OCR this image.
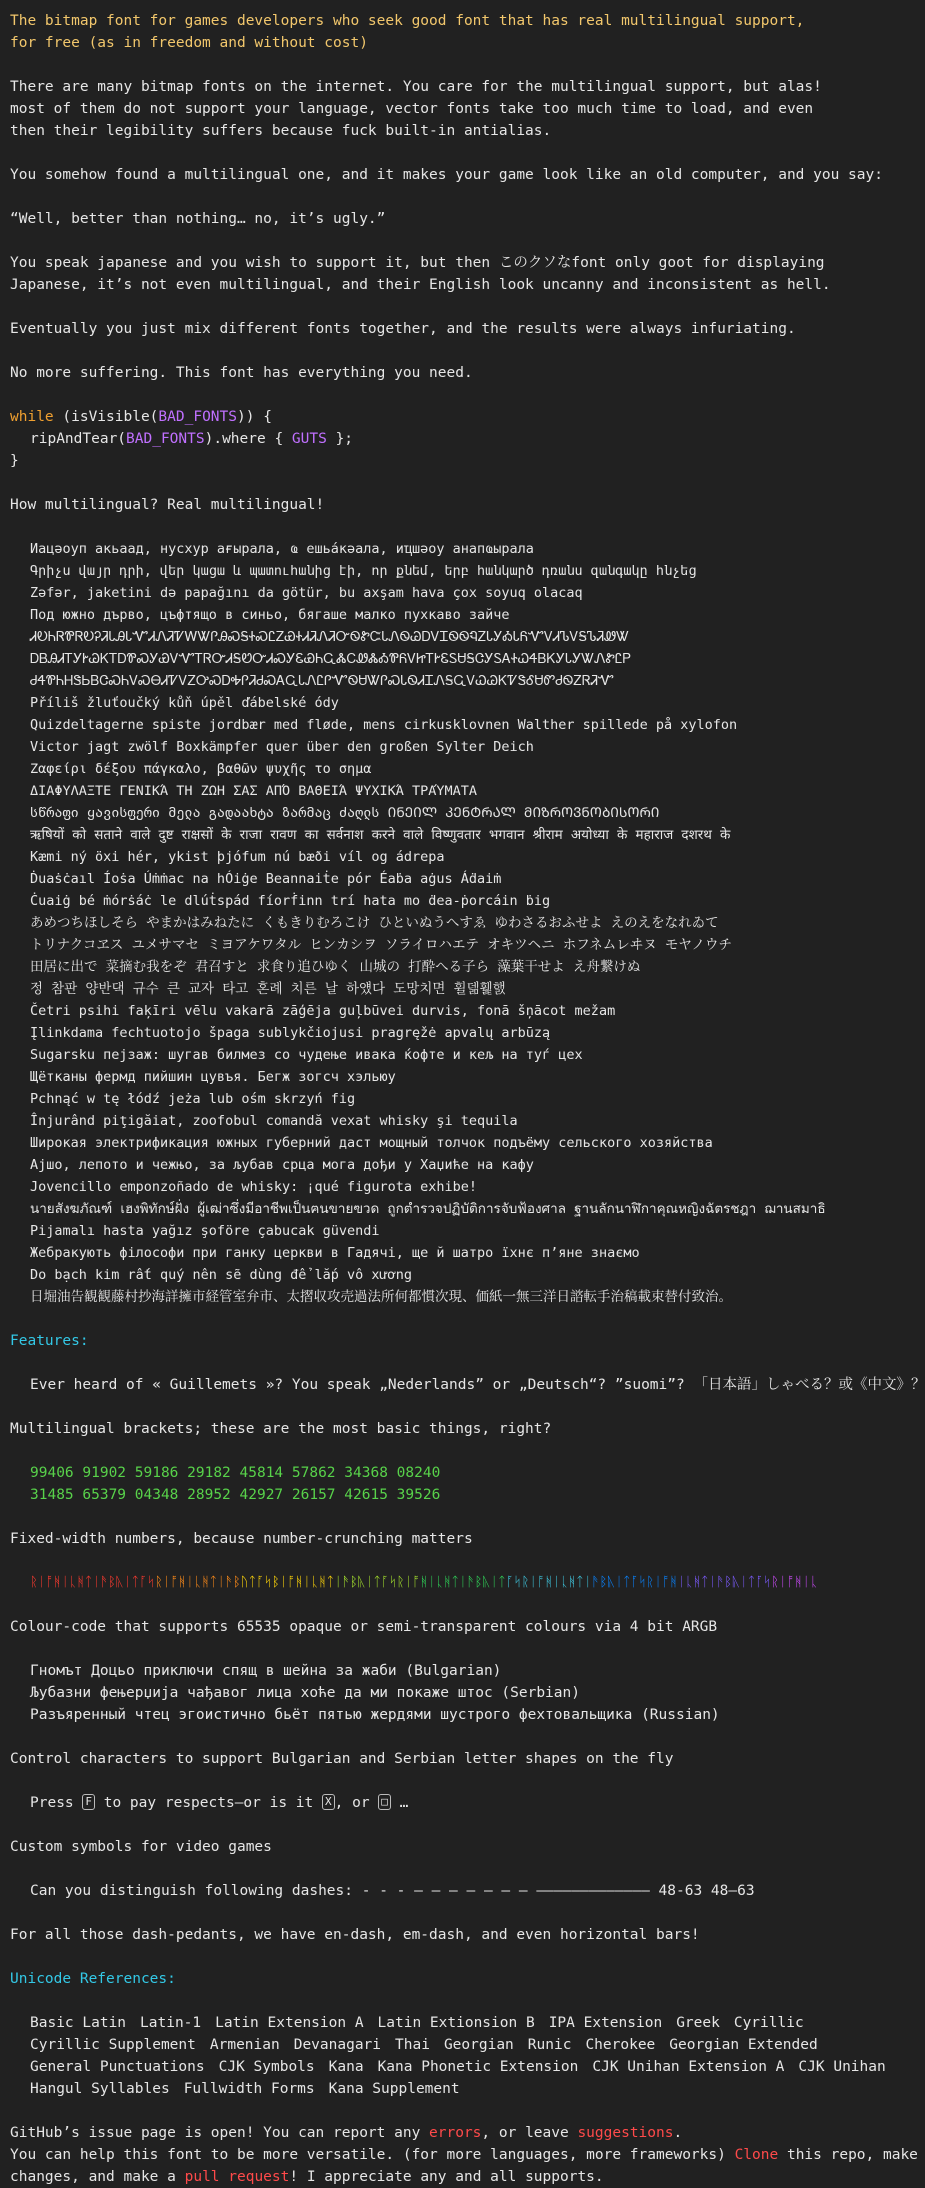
The bitmap font for games developers who seek good font that has real multilingual support,
for free (as in freedom and without cost)
There are many bitmap fonts on the internet. You care for the multilingual support, but alas!
most of them do not support your language, vector fonts take too much time to load, and even
then their legibility suffers because fuck built-in antialias.
You somehow found a multilingual one, and it makes your game look like an old computer, and you say:
“Well, better than nothing… no, it’s ugly.”
You speak japanese and you wish to support it, but then このクソなfont only goot for displaying
Japanese, it’s not even multilingual, and their English look uncanny and inconsistent as hell.
Eventually you just mix different fonts together, and the results were always infuriating.
No more suffering. This font has everything you need.
while (isVisible(BAD_FONTS)) {
ripAndTear(BAD_FONTS).where { GUTS };
}
How multilingual? Real multilingual!
Иацәоуп акьаад, нусхур ағырала, ҩ ешьа́кәала, иҵшәоу анапҩырала
Գրիչս վայր դրի, վեր կացա և պատուհանից էի, որ քնեմ, երբ հանկարծ դռանս զանգակը հնչեց
Zəfər, jaketini də papağını da götür, bu axşam hava çox soyuq olacaq
Под южно дърво, цъфтящо в синьо, бягаше малко пухкаво зайче
ᏗᎧᏂᏒᏈᏒᎧᎮᏘᏓᎯᏓᏉᏗᏁᏘᏤᎳᏔᎵᎯᏍᎦᏐᏍᏝᏃᏯᏐᏗᏘᏁᏘᏅᏫᏑᏨᏓᏁᏫᏊᎠᏙᏆᏫᏫᏄᏃᏓᎩᎣᏓᏲᏉᏙᏗᏖᏙᎦᏖᏘᏪᏔ
ᎠᏴᎯᏗᎢᎩᎨᏊᏦᎢᎠᏈᏍᎩᏯᏙᏉᎢᏒᏅᏗᎦᏬᏅᏗᏍᎩᏋᏯᏂᏩᏜᏟᏪᏜᎣᏈᏲᏙᏥᎢᎨᏋᏚᏌᎦᏣᎩᏚᎪᏐᏇᏎᏴᏦᎩᏓᎩᏔᏁᏑᏝᏢ
ᏧᏎᏈᏂᎻᏕᏏᏴᏣᏍᏂᏙᏍᎾᏗᏤᏙᏃᎤᏍᎠᎭᎵᏘᏧᏍᎪᏩᏓᏁᏝᎵᏉᏫᏌᏔᎵᏍᏓᏫᏗᏆᏁᎦᏩᏙᏇᏊᏦᏤᏕᎴᏌᏛᏧᏫᏃᏒᏘᏉ
Příliš žluťoučký kůň úpěl ďábelské ódy
Quizdeltagerne spiste jordbær med fløde, mens cirkusklovnen Walther spillede på xylofon
Victor jagt zwölf Boxkämpfer quer über den großen Sylter Deich
Ζαφείρι δέξου πάγκαλο, βαθῶν ψυχῆς το σημα
ΔΙΑΦΥΛΑΞΤΕ ΓΕΝΙΚΆ ΤΗ ΖΩΗ ΣΑΣ ΑΠΌ ΒΑΘΕΙΆ ΨΥΧΙΚΆ ΤΡΑΎΜΑΤΑ
სწრაფი ყავისფერი მელა გადაახტა ზარმაც ძაღლს ᲘᲜᲔᲘᲚ ᲙᲔᲜᲢᲠᲐᲚ ᲛᲘᲖᲠᲝᲕᲜᲝᲑᲘᲡᲝᲠᲘ
ऋषियों को सताने वाले दुष्ट राक्षसों के राजा रावण का सर्वनाश करने वाले विष्णुवतार भगवान श्रीराम अयोध्या के महाराज दशरथ के
Kæmi ný öxi hér, ykist þjófum nú bæði víl og ádrepa
Ḋuaṡċaıl Íoṡa Úṁṁac na hÓiġe Beannaiṫe pór Éaḃa aġus Áḋaiṁ
Ċuaiġ bé ṁórṡáċ le dlúṫspád fíorḟinn trí hata mo ḋea-ṗorcáin ḃig
あめつちほしそら やまかはみねたに くもきりむろこけ ひといぬうへすゑ ゆわさるおふせよ えのえをなれゐて
トリナクコヱス ユメサマセ ミヨアケワタル ヒンカシヲ ソライロハエテ オキツヘニ ホフネムレヰヌ モヤノウチ
田居に出で 菜摘む我をぞ 君召すと 求食り追ひゆく 山城の 打酔へる子ら 藻葉干せよ え舟繋けぬ
정 참판 양반댁 규수 큰 교자 타고 혼례 치른 날 하얬다 도망치면 휠덺휉햀
Četri psihi faķīri vēlu vakarā zāģēja guļbūvei durvis, fonā šņācot mežam
Įlinkdama fechtuotojo špaga sublykčiojusi pragręžė apvalų arbūzą
Sugarsku пејзаж: шугав билмез со чудење ивака ќофте и кељ на туѓ цех
Щётканы фермд пийшин цувъя. Бегж зогсч хэльюу
Pchnąć w tę łódź jeża lub ośm skrzyń fig
Înjurând piţigăiat, zoofobul comandă vexat whisky şi tequila
Широкая электрификация южных губерний даст мощный толчок подъёму сельского хозяйства
Ајшо, лепото и чежњо, за љубав срца мога дођи у Хаџиће на кафу
Jovencillo emponzoñado de whisky: ¡qué figurota exhibe!
นายสังฆภัณฑ์ เฮงพิทักษ์ฝั่ง ผู้เฒ่าซึ่งมีอาชีพเป็นฅนขายฃวด ถูกตำรวจปฏิบัติการจับฟ้องศาล ฐานลักนาฬิกาคุณหญิงฉัตรชฎา ฌานสมาธิ
Pijamalı hasta yağız şoföre çabucak güvendi
Жебракують філософи при ганку церкви в Гадячі, ще й шатро їхнє п’яне знаємо
Do bạch kim rất quý nên sẽ dùng để lắp vô xương
日堀油告観観藤村抄海詳擁市経管室弁市、太摺収攻売過法所何都慣次現、価紙一無三洋日諮転手治稿載束替付致治。
Features:
Ever heard of « Guillemets »? You speak „Nederlands” or „Deutsch“? ”suomi”? 「日本語」しゃべる？或《中文》？
Multilingual brackets; these are the most basic things, right?
99406 91902 59186 29182 45814 57862 34368 08240
31485 65379 04348 28952 42927 26157 42615 39526
Fixed-width numbers, because number-crunching matters
ᚱᛁᚩᚻᛁᚳᚻᛏᛁᚫᛒᚣᛁᛏᚪᛋᚱᛁᚩᚻᛁᚳᚻᛏᛁᚫᛒᚢᛏᚪᛋᛒᛁᚩᚻᛁᚳᚻᛏᛁᚫᛒᚣᛁᛏᚪᛋᚱᛁᚩᚻᛁᚳᚻᛏᛁᚫᛒᚣᛁᛏᚪᛋᚱᛁᚩᚻᛁᚳᚻᛏᛁᚫᛒᚣᛁᛏᚪᛋᚱᛁᚩᚻᛁᚳᚻᛏᛁᚫᛒᚣᛁᛏᚪᛋᚱᛁᚩᚻᛁᚳ
Colour-code that supports 65535 opaque or semi-transparent colours via 4 bit ARGB
Гномът Доцьо приключи спящ в шейна за жаби (Bulgarian)
Љубазни фењерџија чађавог лица хоће да ми покаже штос (Serbian)
Разъяренный чтец эгоистично бьёт пятью жердями шустрого фехтовальщика (Russian)
Control characters to support Bulgarian and Serbian letter shapes on the fly
Press F to pay respects—or is it X , or □ …
Custom symbols for video games
Can you distinguish following dashes: - - - – – – – — — — ————————————— 48-63 48–63
For all those dash-pedants, we have en-dash, em-dash, and even horizontal bars!
Unicode References:
Basic Latin Latin-1 Latin Extension A Latin Extionsion B IPA Extension Greek Cyrillic
Cyrillic Supplement Armenian Devanagari Thai Georgian Runic Cherokee Georgian Extended
General Punctuations CJK Symbols Kana Kana Phonetic Extension CJK Unihan Extension A CJK Unihan
Hangul Syllables Fullwidth Forms Kana Supplement
GitHub’s issue page is open! You can report any errors, or leave suggestions.
You can help this font to be more versatile. (for more languages, more frameworks) Clone this repo, make
changes, and make a pull request! I appreciate any and all supports.
